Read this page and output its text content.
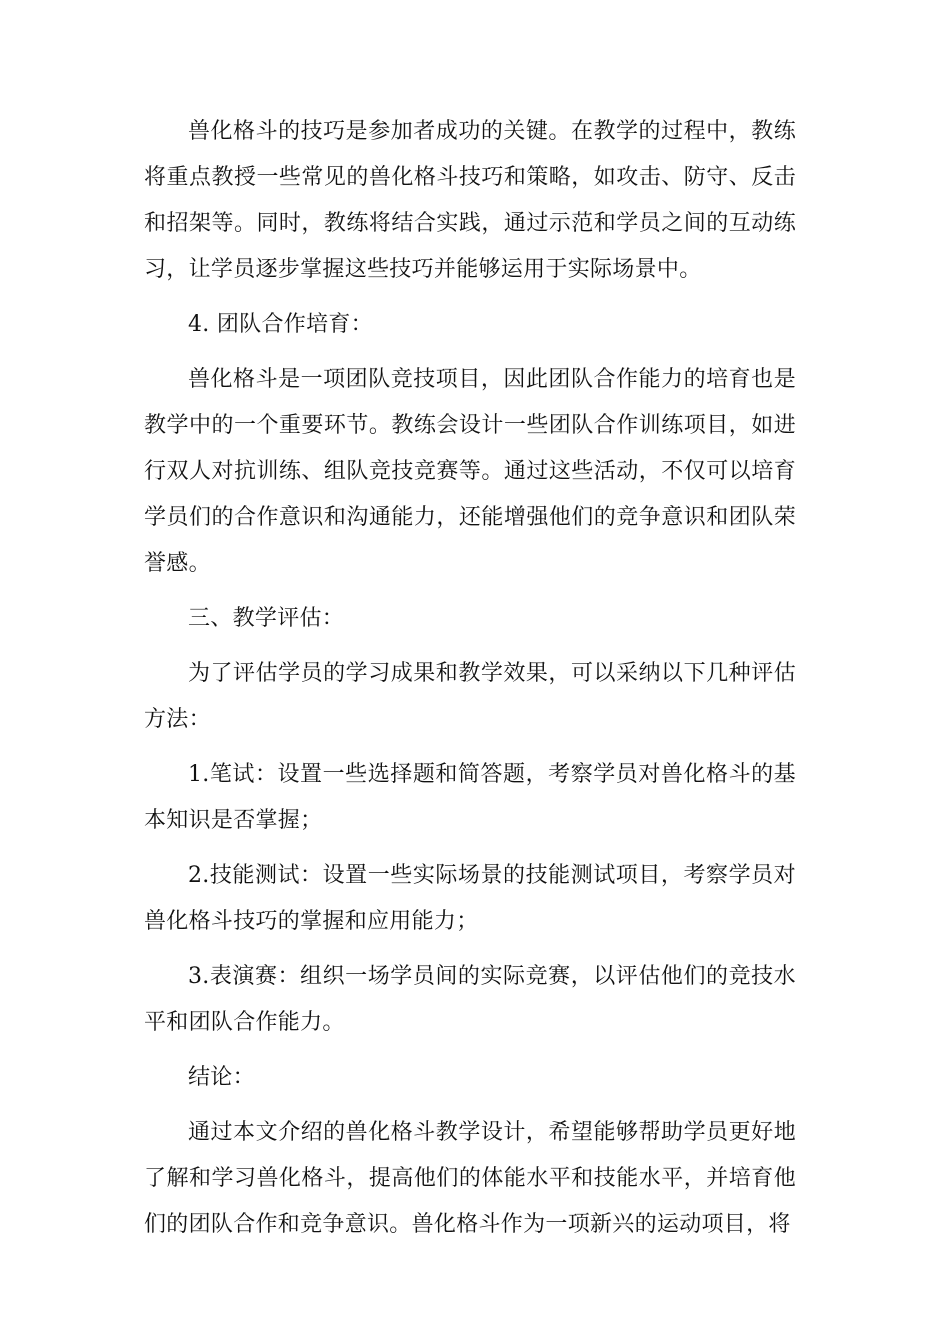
兽化格斗的技巧是参加者成功的关键。在教学的过程中，教练将重点教授一些常见的兽化格斗技巧和策略，如攻击、防守、反击和招架等。同时，教练将结合实践，通过示范和学员之间的互动练习，让学员逐步掌握这些技巧并能够运用于实际场景中。

4. 团队合作培育：

兽化格斗是一项团队竞技项目，因此团队合作能力的培育也是教学中的一个重要环节。教练会设计一些团队合作训练项目，如进行双人对抗训练、组队竞技竞赛等。通过这些活动，不仅可以培育学员们的合作意识和沟通能力，还能增强他们的竞争意识和团队荣誉感。

三、教学评估：

为了评估学员的学习成果和教学效果，可以采纳以下几种评估方法：

1.笔试：设置一些选择题和简答题，考察学员对兽化格斗的基本知识是否掌握；

2.技能测试：设置一些实际场景的技能测试项目，考察学员对兽化格斗技巧的掌握和应用能力；

3.表演赛：组织一场学员间的实际竞赛，以评估他们的竞技水平和团队合作能力。

结论：

通过本文介绍的兽化格斗教学设计，希望能够帮助学员更好地了解和学习兽化格斗，提高他们的体能水平和技能水平，并培育他们的团队合作和竞争意识。兽化格斗作为一项新兴的运动项目，将
